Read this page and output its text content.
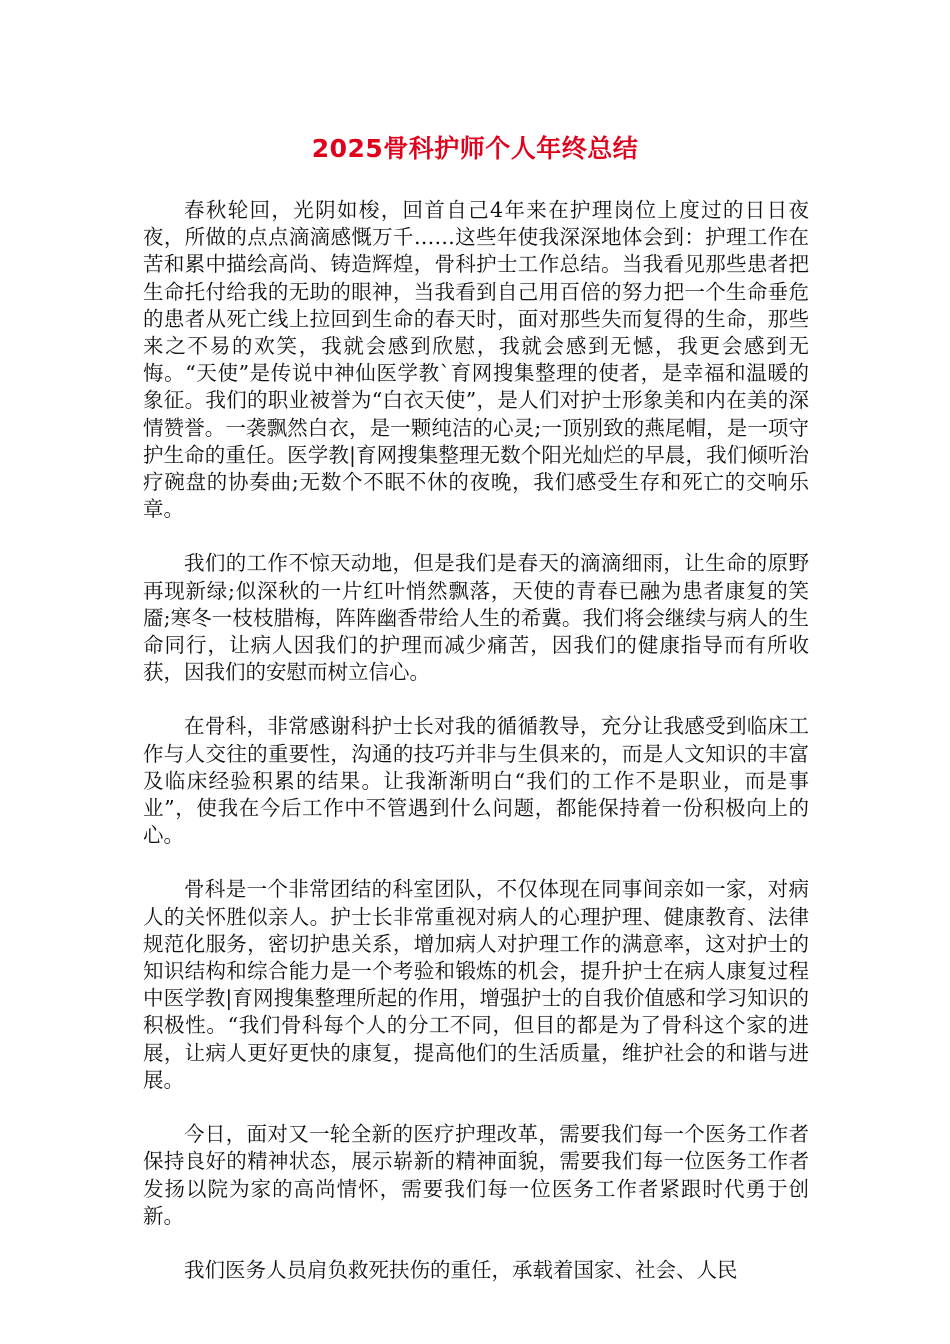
2025骨科护师个人年终总结

春秋轮回，光阴如梭，回首自己4年来在护理岗位上度过的日日夜夜，所做的点点滴滴感慨万千……这些年使我深深地体会到：护理工作在苦和累中描绘高尚、铸造辉煌，骨科护士工作总结。当我看见那些患者把生命托付给我的无助的眼神，当我看到自己用百倍的努力把一个生命垂危的患者从死亡线上拉回到生命的春天时，面对那些失而复得的生命，那些来之不易的欢笑，我就会感到欣慰，我就会感到无憾，我更会感到无悔。“天使”是传说中神仙医学教`育网搜集整理的使者，是幸福和温暖的象征。我们的职业被誉为“白衣天使”，是人们对护士形象美和内在美的深情赞誉。一袭飘然白衣，是一颗纯洁的心灵;一顶别致的燕尾帽，是一项守护生命的重任。医学教|育网搜集整理无数个阳光灿烂的早晨，我们倾听治疗碗盘的协奏曲;无数个不眠不休的夜晚，我们感受生存和死亡的交响乐章。

我们的工作不惊天动地，但是我们是春天的滴滴细雨，让生命的原野再现新绿;似深秋的一片红叶悄然飘落，天使的青春已融为患者康复的笑靥;寒冬一枝枝腊梅，阵阵幽香带给人生的希冀。我们将会继续与病人的生命同行，让病人因我们的护理而减少痛苦，因我们的健康指导而有所收获，因我们的安慰而树立信心。

在骨科，非常感谢科护士长对我的循循教导，充分让我感受到临床工作与人交往的重要性，沟通的技巧并非与生俱来的，而是人文知识的丰富及临床经验积累的结果。让我渐渐明白“我们的工作不是职业，而是事业”，使我在今后工作中不管遇到什么问题，都能保持着一份积极向上的心。

骨科是一个非常团结的科室团队，不仅体现在同事间亲如一家，对病人的关怀胜似亲人。护士长非常重视对病人的心理护理、健康教育、法律规范化服务，密切护患关系，增加病人对护理工作的满意率，这对护士的知识结构和综合能力是一个考验和锻炼的机会，提升护士在病人康复过程中医学教|育网搜集整理所起的作用，增强护士的自我价值感和学习知识的积极性。“我们骨科每个人的分工不同，但目的都是为了骨科这个家的进展，让病人更好更快的康复，提高他们的生活质量，维护社会的和谐与进展。

今日，面对又一轮全新的医疗护理改革，需要我们每一个医务工作者保持良好的精神状态，展示崭新的精神面貌，需要我们每一位医务工作者发扬以院为家的高尚情怀，需要我们每一位医务工作者紧跟时代勇于创新。

我们医务人员肩负救死扶伤的重任，承载着国家、社会、人民
